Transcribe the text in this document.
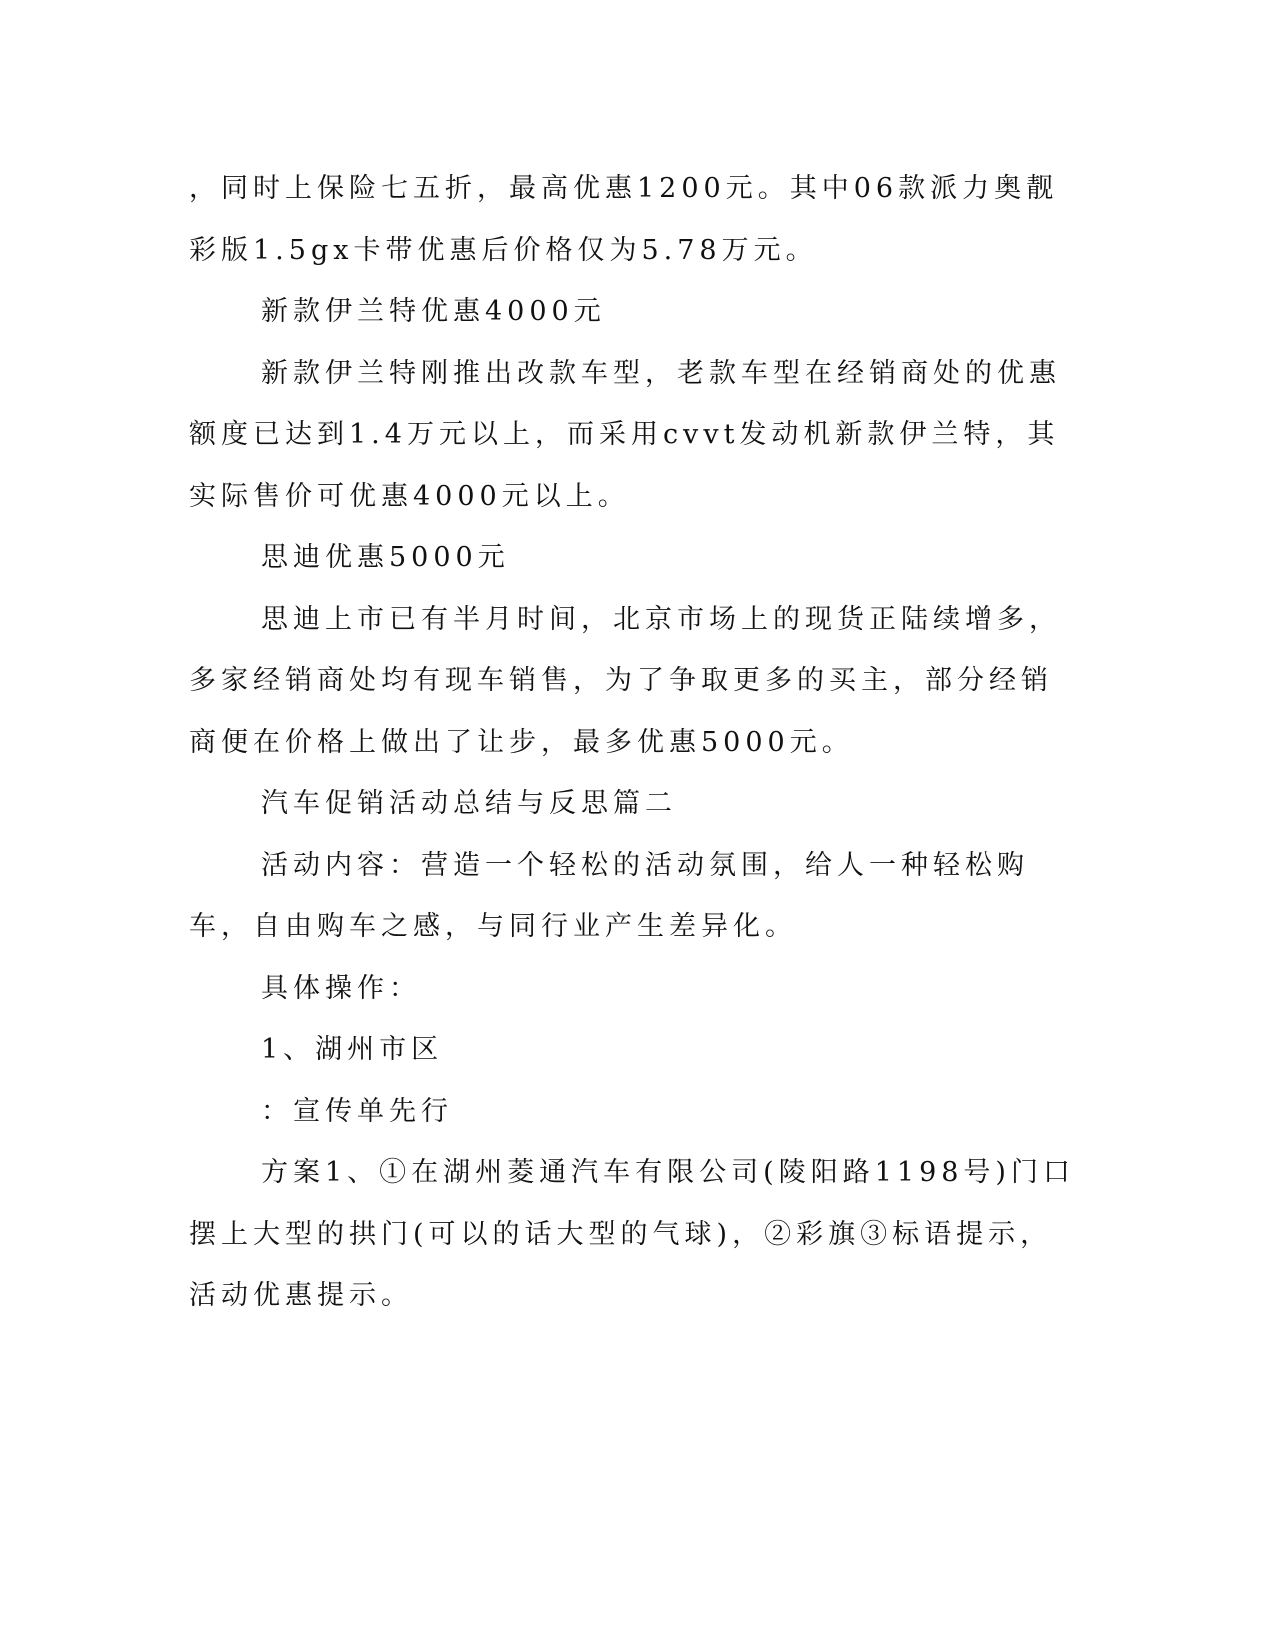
，同时上保险七五折，最高优惠1200元。其中06款派力奥靓彩版1.5gx卡带优惠后价格仅为5.78万元。

新款伊兰特优惠4000元

新款伊兰特刚推出改款车型，老款车型在经销商处的优惠额度已达到1.4万元以上，而采用cvvt发动机新款伊兰特，其实际售价可优惠4000元以上。

思迪优惠5000元

思迪上市已有半月时间，北京市场上的现货正陆续增多，多家经销商处均有现车销售，为了争取更多的买主，部分经销商便在价格上做出了让步，最多优惠5000元。

汽车促销活动总结与反思篇二

活动内容：营造一个轻松的活动氛围，给人一种轻松购车，自由购车之感，与同行业产生差异化。

具体操作：

1、湖州市区

：宣传单先行

方案1、①在湖州菱通汽车有限公司(陵阳路1198号)门口摆上大型的拱门(可以的话大型的气球)，②彩旗③标语提示，活动优惠提示。
